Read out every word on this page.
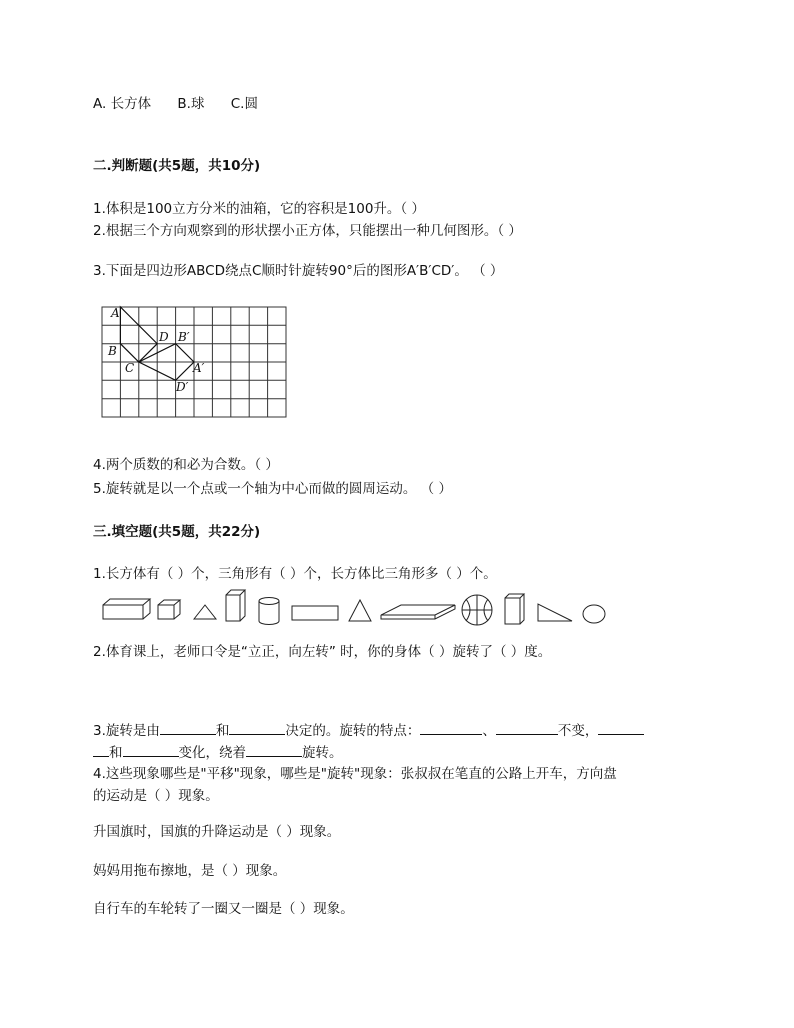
A. 长方体 B.球 C.圆
二.判断题(共5题，共10分)
1.体积是100立方分米的油箱，它的容积是100升。（ ）
2.根据三个方向观察到的形状摆小正方体，只能摆出一种几何图形。（ ）
3.下面是四边形ABCD绕点C顺时针旋转90°后的图形A′B′CD′。 （ ）
A
B
C
D B′
A′
D′
4.两个质数的和必为合数。（ ）
5.旋转就是以一个点或一个轴为中心而做的圆周运动。 （ ）
三.填空题(共5题，共22分)
1.长方体有（ ）个，三角形有（ ）个，长方体比三角形多（ ）个。
2.体育课上，老师口令是“立正，向左转” 时，你的身体（ ）旋转了（ ）度。
3.旋转是由	和	决定的。旋转的特点：	、	不变，
和	变化，绕着	旋转。
4.这些现象哪些是"平移"现象，哪些是"旋转"现象：张叔叔在笔直的公路上开车，方向盘
的运动是（ ）现象。
升国旗时，国旗的升降运动是（ ）现象。
妈妈用拖布擦地，是（ ）现象。
自行车的车轮转了一圈又一圈是（ ）现象。
